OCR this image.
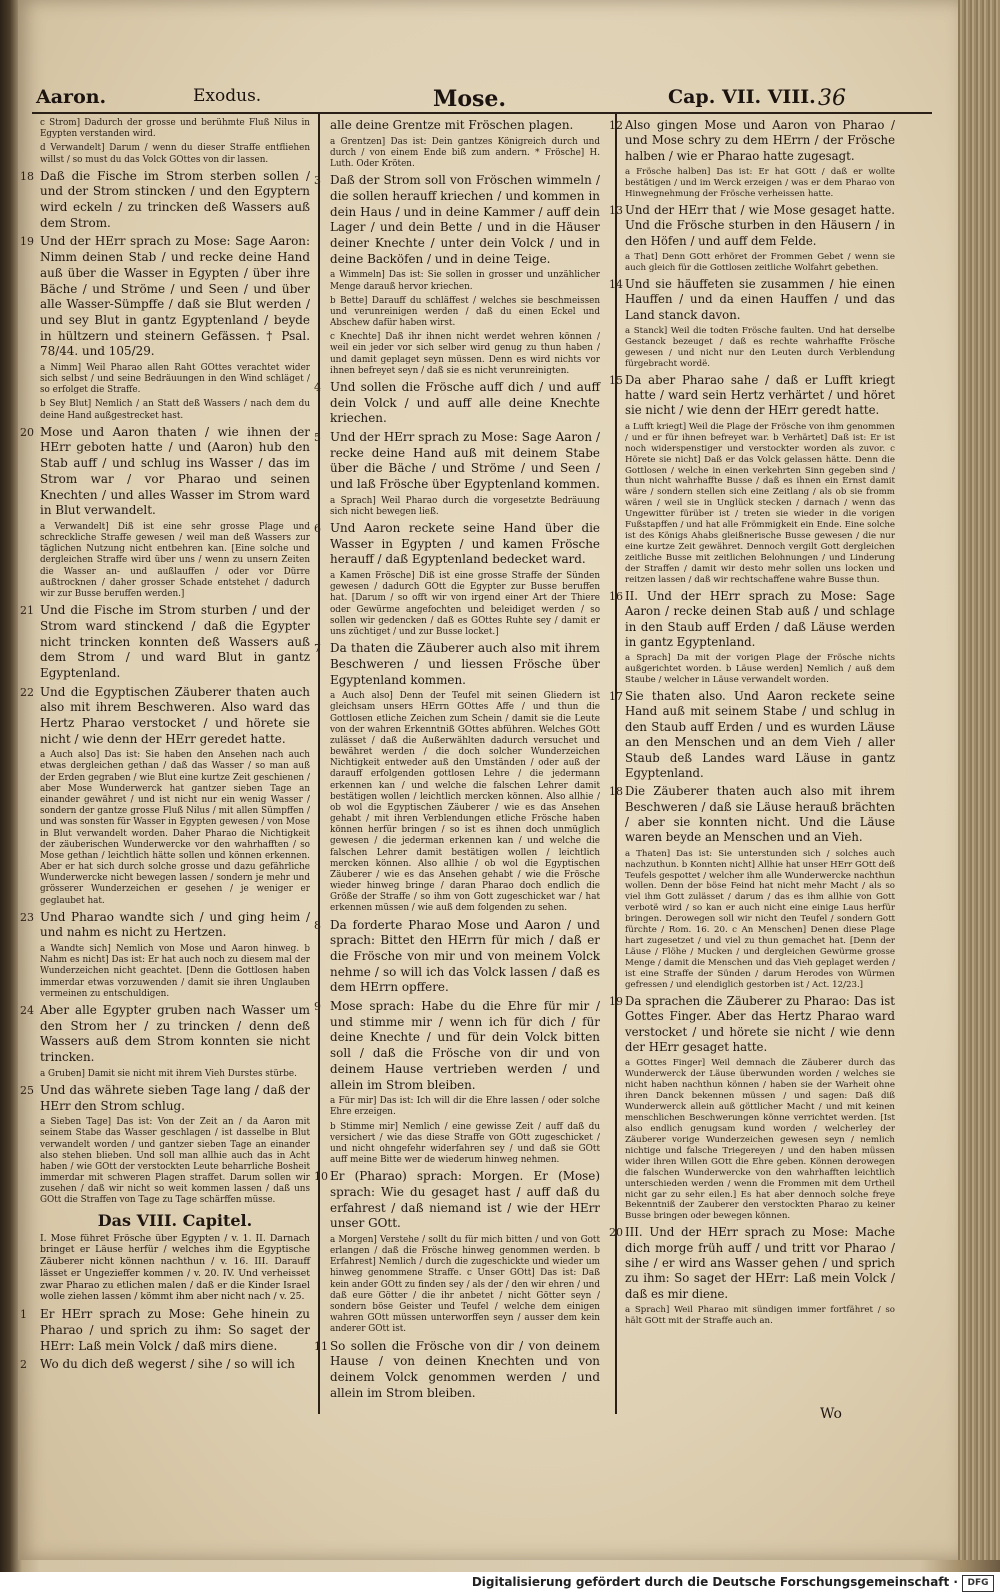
Aaron.	Exodus.	Mose.	Cap. VII. VIII. 36
c Strom] Dadurch der grosse und berühmte Fluß Nilus in Egypten verstanden wird.
d Verwandelt] Darum / wenn du dieser Straffe entfliehen willst / so must du das Volck GOttes von dir lassen.
18 Daß die Fische im Strom sterben sollen / und der Strom stincken / und den Egyptern wird eckeln / zu trincken deß Wassers auß dem Strom.
19 Und der HErr sprach zu Mose: Sage Aaron: Nimm deinen Stab / und recke deine Hand auß über die Wasser in Egypten / über ihre Bäche / und Ströme / und Seen / und über alle Wasser-Sümpffe / daß sie Blut werden / und sey Blut in gantz Egyptenland / beyde in hültzern und steinern Gefässen. † Psal. 78/44. und 105/29.
a Nimm] Weil Pharao allen Raht GOttes verachtet wider sich selbst / und seine Bedräuungen in den Wind schläget / so erfolget die Straffe.
b Sey Blut] Nemlich / an Statt deß Wassers / nach dem du deine Hand außgestrecket hast.
20 Mose und Aaron thaten / wie ihnen der HErr geboten hatte / und (Aaron) hub den Stab auff / und schlug ins Wasser / das im Strom war / vor Pharao und seinen Knechten / und alles Wasser im Strom ward in Blut verwandelt.
a Verwandelt] Diß ist eine sehr grosse Plage und schreckliche Straffe gewesen / weil man deß Wassers zur täglichen Nutzung nicht entbehren kan. [Eine solche und dergleichen Straffe wird über uns / wenn zu unsern Zeiten die Wasser an- und außlauffen / oder vor Dürre außtrocknen / daher grosser Schade entstehet / dadurch wir zur Busse beruffen werden.]
21 Und die Fische im Strom sturben / und der Strom ward stinckend / daß die Egypter nicht trincken konnten deß Wassers auß dem Strom / und ward Blut in gantz Egyptenland.
22 Und die Egyptischen Zäuberer thaten auch also mit ihrem Beschweren. Also ward das Hertz Pharao verstocket / und hörete sie nicht / wie denn der HErr geredet hatte.
a Auch also] Das ist: Sie haben den Ansehen nach auch etwas dergleichen gethan / daß das Wasser / so man auß der Erden gegraben / wie Blut eine kurtze Zeit geschienen / aber Mose Wunderwerck hat gantzer sieben Tage an einander gewähret / und ist nicht nur ein wenig Wasser / sondern der gantze grosse Fluß Nilus / mit allen Sümpffen / und was sonsten für Wasser in Egypten gewesen / von Mose in Blut verwandelt worden. Daher Pharao die Nichtigkeit der zäuberischen Wunderwercke vor den wahrhafften / so Mose gethan / leichtlich hätte sollen und können erkennen. Aber er hat sich durch solche grosse und dazu gefährliche Wunderwercke nicht bewegen lassen / sondern je mehr und grösserer Wunderzeichen er gesehen / je weniger er geglaubet hat.
23 Und Pharao wandte sich / und ging heim / und nahm es nicht zu Hertzen.
a Wandte sich] Nemlich von Mose und Aaron hinweg. b Nahm es nicht] Das ist: Er hat auch noch zu diesem mal der Wunderzeichen nicht geachtet. [Denn die Gottlosen haben immerdar etwas vorzuwenden / damit sie ihren Unglauben vermeinen zu entschuldigen.
24 Aber alle Egypter gruben nach Wasser um den Strom her / zu trincken / denn deß Wassers auß dem Strom konnten sie nicht trincken.
a Gruben] Damit sie nicht mit ihrem Vieh Durstes stürbe.
25 Und das währete sieben Tage lang / daß der HErr den Strom schlug.
a Sieben Tage] Das ist: Von der Zeit an / da Aaron mit seinem Stabe das Wasser geschlagen / ist dasselbe in Blut verwandelt worden / und gantzer sieben Tage an einander also stehen blieben. Und soll man allhie auch das in Acht haben / wie GOtt der verstockten Leute beharrliche Bosheit immerdar mit schweren Plagen straffet. Darum sollen wir zusehen / daß wir nicht so weit kommen lassen / daß uns GOtt die Straffen von Tage zu Tage schärffen müsse.
Das VIII. Capitel.
I. Mose führet Frösche über Egypten / v. 1. II. Darnach bringet er Läuse herfür / welches ihm die Egyptische Zäuberer nicht können nachthun / v. 16. III. Darauff lässet er Ungezieffer kommen / v. 20. IV. Und verheisset zwar Pharao zu etlichen malen / daß er die Kinder Israel wolle ziehen lassen / kömmt ihm aber nicht nach / v. 25.
1 Er HErr sprach zu Mose: Gehe hinein zu Pharao / und sprich zu ihm: So saget der HErr: Laß mein Volck / daß mirs diene.
2 Wo du dich deß wegerst / sihe / so will ich
alle deine Grentze mit Fröschen plagen.
a Grentzen] Das ist: Dein gantzes Königreich durch und durch / von einem Ende biß zum andern. * Frösche] H. Luth. Oder Kröten.
3 Daß der Strom soll von Fröschen wimmeln / die sollen herauff kriechen / und kommen in dein Haus / und in deine Kammer / auff dein Lager / und dein Bette / und in die Häuser deiner Knechte / unter dein Volck / und in deine Backöfen / und in deine Teige.
a Wimmeln] Das ist: Sie sollen in grosser und unzählicher Menge darauß hervor kriechen.
b Bette] Darauff du schläffest / welches sie beschmeissen und verunreinigen werden / daß du einen Eckel und Abschew dafür haben wirst.
c Knechte] Daß ihr ihnen nicht werdet wehren können / weil ein jeder vor sich selber wird genug zu thun haben / und damit geplaget seyn müssen. Denn es wird nichts vor ihnen befreyet seyn / daß sie es nicht verunreinigten.
4 Und sollen die Frösche auff dich / und auff dein Volck / und auff alle deine Knechte kriechen.
5 Und der HErr sprach zu Mose: Sage Aaron / recke deine Hand auß mit deinem Stabe über die Bäche / und Ströme / und Seen / und laß Frösche über Egyptenland kommen.
a Sprach] Weil Pharao durch die vorgesetzte Bedräuung sich nicht bewegen ließ.
6 Und Aaron reckete seine Hand über die Wasser in Egypten / und kamen Frösche herauff / daß Egyptenland bedecket ward.
a Kamen Frösche] Diß ist eine grosse Straffe der Sünden gewesen / dadurch GOtt die Egypter zur Busse beruffen hat. [Darum / so offt wir von irgend einer Art der Thiere oder Gewürme angefochten und beleidiget werden / so sollen wir gedencken / daß es GOttes Ruhte sey / damit er uns züchtiget / und zur Busse locket.]
7 Da thaten die Zäuberer auch also mit ihrem Beschweren / und liessen Frösche über Egyptenland kommen.
a Auch also] Denn der Teufel mit seinen Gliedern ist gleichsam unsers HErrn GOttes Affe / und thun die Gottlosen etliche Zeichen zum Schein / damit sie die Leute von der wahren Erkenntniß GOttes abführen. Welches GOtt zulässet / daß die Außerwählten dadurch versuchet und bewähret werden / die doch solcher Wunderzeichen Nichtigkeit entweder auß den Umständen / oder auß der darauff erfolgenden gottlosen Lehre / die jedermann erkennen kan / und welche die falschen Lehrer damit bestätigen wollen / leichtlich mercken können. Also allhie / ob wol die Egyptischen Zäuberer / wie es das Ansehen gehabt / mit ihren Verblendungen etliche Frösche haben können herfür bringen / so ist es ihnen doch unmüglich gewesen / die jederman erkennen kan / und welche die falschen Lehrer damit bestätigen wollen / leichtlich mercken können. Also allhie / ob wol die Egyptischen Zäuberer / wie es das Ansehen gehabt / wie die Frösche wieder hinweg bringe / daran Pharao doch endlich die Größe der Straffe / so ihm von Gott zugeschicket war / hat erkennen müssen / wie auß dem folgenden zu sehen.
8 Da forderte Pharao Mose und Aaron / und sprach: Bittet den HErrn für mich / daß er die Frösche von mir und von meinem Volck nehme / so will ich das Volck lassen / daß es dem HErrn opffere.
9 Mose sprach: Habe du die Ehre für mir / und stimme mir / wenn ich für dich / für deine Knechte / und für dein Volck bitten soll / daß die Frösche von dir und von deinem Hause vertrieben werden / und allein im Strom bleiben.
a Für mir] Das ist: Ich will dir die Ehre lassen / oder solche Ehre erzeigen.
b Stimme mir] Nemlich / eine gewisse Zeit / auff daß du versichert / wie das diese Straffe von GOtt zugeschicket / und nicht ohngefehr widerfahren sey / und daß sie GOtt auff meine Bitte wer de wiederum hinweg nehmen.
10 Er (Pharao) sprach: Morgen. Er (Mose) sprach: Wie du gesaget hast / auff daß du erfahrest / daß niemand ist / wie der HErr unser GOtt.
a Morgen] Verstehe / sollt du für mich bitten / und von Gott erlangen / daß die Frösche hinweg genommen werden. b Erfahrest] Nemlich / durch die zugeschickte und wieder um hinweg genommene Straffe. c Unser GOtt] Das ist: Daß kein ander GOtt zu finden sey / als der / den wir ehren / und daß eure Götter / die ihr anbetet / nicht Götter seyn / sondern böse Geister und Teufel / welche dem einigen wahren GOtt müssen unterworffen seyn / ausser dem kein anderer GOtt ist.
11 So sollen die Frösche von dir / von deinem Hause / von deinen Knechten und von deinem Volck genommen werden / und allein im Strom bleiben.
12 Also gingen Mose und Aaron von Pharao / und Mose schry zu dem HErrn / der Frösche halben / wie er Pharao hatte zugesagt.
a Frösche halben] Das ist: Er hat GOtt / daß er wollte bestätigen / und im Werck erzeigen / was er dem Pharao von Hinwegnehmung der Frösche verheissen hatte.
13 Und der HErr that / wie Mose gesaget hatte. Und die Frösche sturben in den Häusern / in den Höfen / und auff dem Felde.
a That] Denn GOtt erhöret der Frommen Gebet / wenn sie auch gleich für die Gottlosen zeitliche Wolfahrt gebethen.
14 Und sie häuffeten sie zusammen / hie einen Hauffen / und da einen Hauffen / und das Land stanck davon.
a Stanck] Weil die todten Frösche faulten. Und hat derselbe Gestanck bezeuget / daß es rechte wahrhaffte Frösche gewesen / und nicht nur den Leuten durch Verblendung fürgebracht wordë.
15 Da aber Pharao sahe / daß er Lufft kriegt hatte / ward sein Hertz verhärtet / und höret sie nicht / wie denn der HErr geredt hatte.
a Lufft kriegt] Weil die Plage der Frösche von ihm genommen / und er für ihnen befreyet war. b Verhärtet] Daß ist: Er ist noch widerspenstiger und verstockter worden als zuvor. c Hörete sie nicht] Daß er das Volck gelassen hätte. Denn die Gottlosen / welche in einen verkehrten Sinn gegeben sind / thun nicht wahrhaffte Busse / daß es ihnen ein Ernst damit wäre / sondern stellen sich eine Zeitlang / als ob sie fromm wären / weil sie in Unglück stecken / darnach / wenn das Ungewitter fürüber ist / treten sie wieder in die vorigen Fußstapffen / und hat alle Frömmigkeit ein Ende. Eine solche ist des Königs Ahabs gleißnerische Busse gewesen / die nur eine kurtze Zeit gewähret. Dennoch vergilt Gott dergleichen zeitliche Busse mit zeitlichen Belohnungen / und Linderung der Straffen / damit wir desto mehr sollen uns locken und reitzen lassen / daß wir rechtschaffene wahre Busse thun.
16 II. Und der HErr sprach zu Mose: Sage Aaron / recke deinen Stab auß / und schlage in den Staub auff Erden / daß Läuse werden in gantz Egyptenland.
a Sprach] Da mit der vorigen Plage der Frösche nichts außgerichtet worden. b Läuse werden] Nemlich / auß dem Staube / welcher in Läuse verwandelt worden.
17 Sie thaten also. Und Aaron reckete seine Hand auß mit seinem Stabe / und schlug in den Staub auff Erden / und es wurden Läuse an den Menschen und an dem Vieh / aller Staub deß Landes ward Läuse in gantz Egyptenland.
18 Die Zäuberer thaten auch also mit ihrem Beschweren / daß sie Läuse herauß brächten / aber sie konnten nicht. Und die Läuse waren beyde an Menschen und an Vieh.
a Thaten] Das ist: Sie unterstunden sich / solches auch nachzuthun. b Konnten nicht] Allhie hat unser HErr GOtt deß Teufels gespottet / welcher ihm alle Wunderwercke nachthun wollen. Denn der böse Feind hat nicht mehr Macht / als so viel ihm Gott zulässet / darum / das es ihm allhie von Gott verbotë wird / so kan er auch nicht eine einige Laus herfür bringen. Derowegen soll wir nicht den Teufel / sondern Gott fürchte / Rom. 16. 20. c An Menschen] Denen diese Plage hart zugesetzet / und viel zu thun gemachet hat. [Denn der Läuse / Flöhe / Mucken / und dergleichen Gewürme grosse Menge / damit die Menschen und das Vieh geplaget werden / ist eine Straffe der Sünden / darum Herodes von Würmen gefressen / und elendiglich gestorben ist / Act. 12/23.]
19 Da sprachen die Zäuberer zu Pharao: Das ist Gottes Finger. Aber das Hertz Pharao ward verstocket / und hörete sie nicht / wie denn der HErr gesaget hatte.
a GOttes Finger] Weil demnach die Zäuberer durch das Wunderwerck der Läuse überwunden worden / welches sie nicht haben nachthun können / haben sie der Warheit ohne ihren Danck bekennen müssen / und sagen: Daß diß Wunderwerck allein auß göttlicher Macht / und mit keinen menschlichen Beschwerungen könne verrichtet werden. [Ist also endlich genugsam kund worden / welcherley der Zäuberer vorige Wunderzeichen gewesen seyn / nemlich nichtige und falsche Triegereyen / und den haben müssen wider ihren Willen GOtt die Ehre geben. Können derowegen die falschen Wunderwercke von den wahrhafften leichtlich unterschieden werden / wenn die Frommen mit dem Urtheil nicht gar zu sehr eilen.] Es hat aber dennoch solche freye Bekenntniß der Zauberer den verstockten Pharao zu keiner Busse bringen oder bewegen können.
20 III. Und der HErr sprach zu Mose: Mache dich morge früh auff / und tritt vor Pharao / sihe / er wird ans Wasser gehen / und sprich zu ihm: So saget der HErr: Laß mein Volck / daß es mir diene.
a Sprach] Weil Pharao mit sündigen immer fortfähret / so hält GOtt mit der Straffe auch an.
Wo
Digitalisierung gefördert durch die Deutsche Forschungsgemeinschaft ·	DFG
